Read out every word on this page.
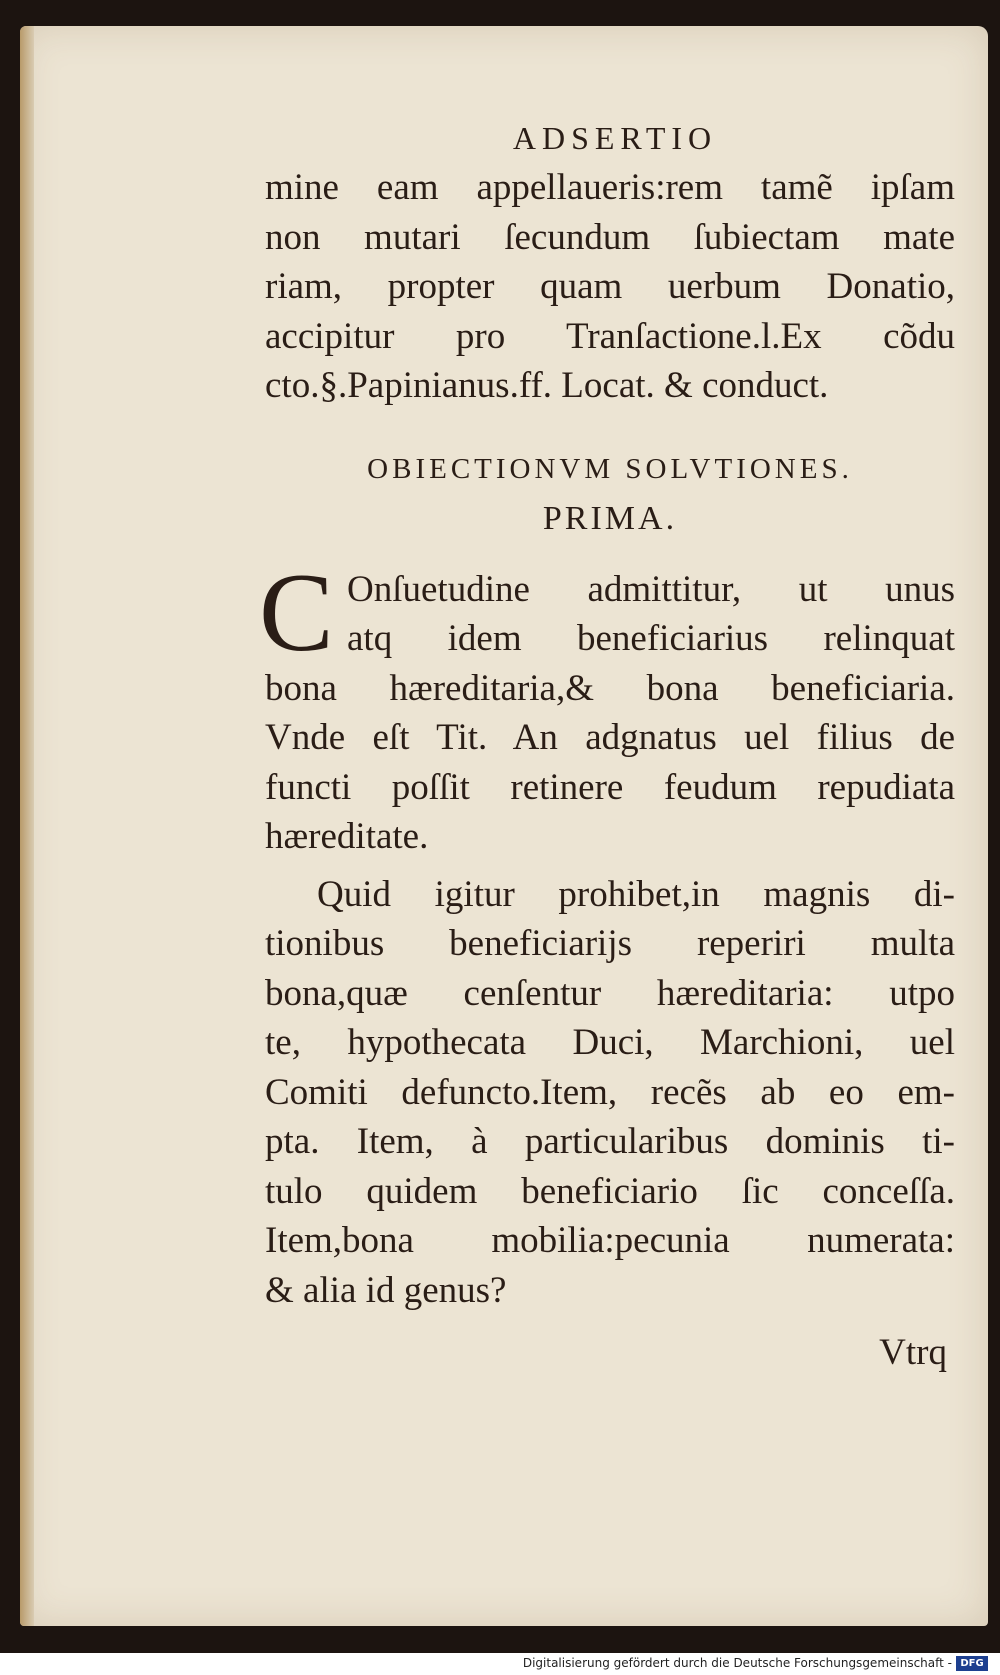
ADSERTIO
mine eam appellaueris:rem tamẽ ipſam
non mutari ſecundum ſubiectam mate
riam, propter quam uerbum Donatio,
accipitur pro Tranſactione.l.Ex cõdu
cto.§.Papinianus.ff. Locat. & conduct.
OBIECTIONVM SOLVTIONES.
PRIMA.
C Onſuetudine admittitur, ut unus
atq idem beneficiarius relinquat
bona hæreditaria,& bona beneficiaria.
Vnde eſt Tit. An adgnatus uel filius de
functi poſſit retinere feudum repudiata
hæreditate.
Quid igitur prohibet,in magnis di-
tionibus beneficiarijs reperiri multa
bona,quæ cenſentur hæreditaria: utpo
te, hypothecata Duci, Marchioni, uel
Comiti defuncto.Item, recẽs ab eo em-
pta. Item, à particularibus dominis ti-
tulo quidem beneficiario ſic conceſſa.
Item,bona mobilia:pecunia numerata:
& alia id genus?
Vtrq
Digitalisierung gefördert durch die Deutsche Forschungsgemeinschaft - DFG
